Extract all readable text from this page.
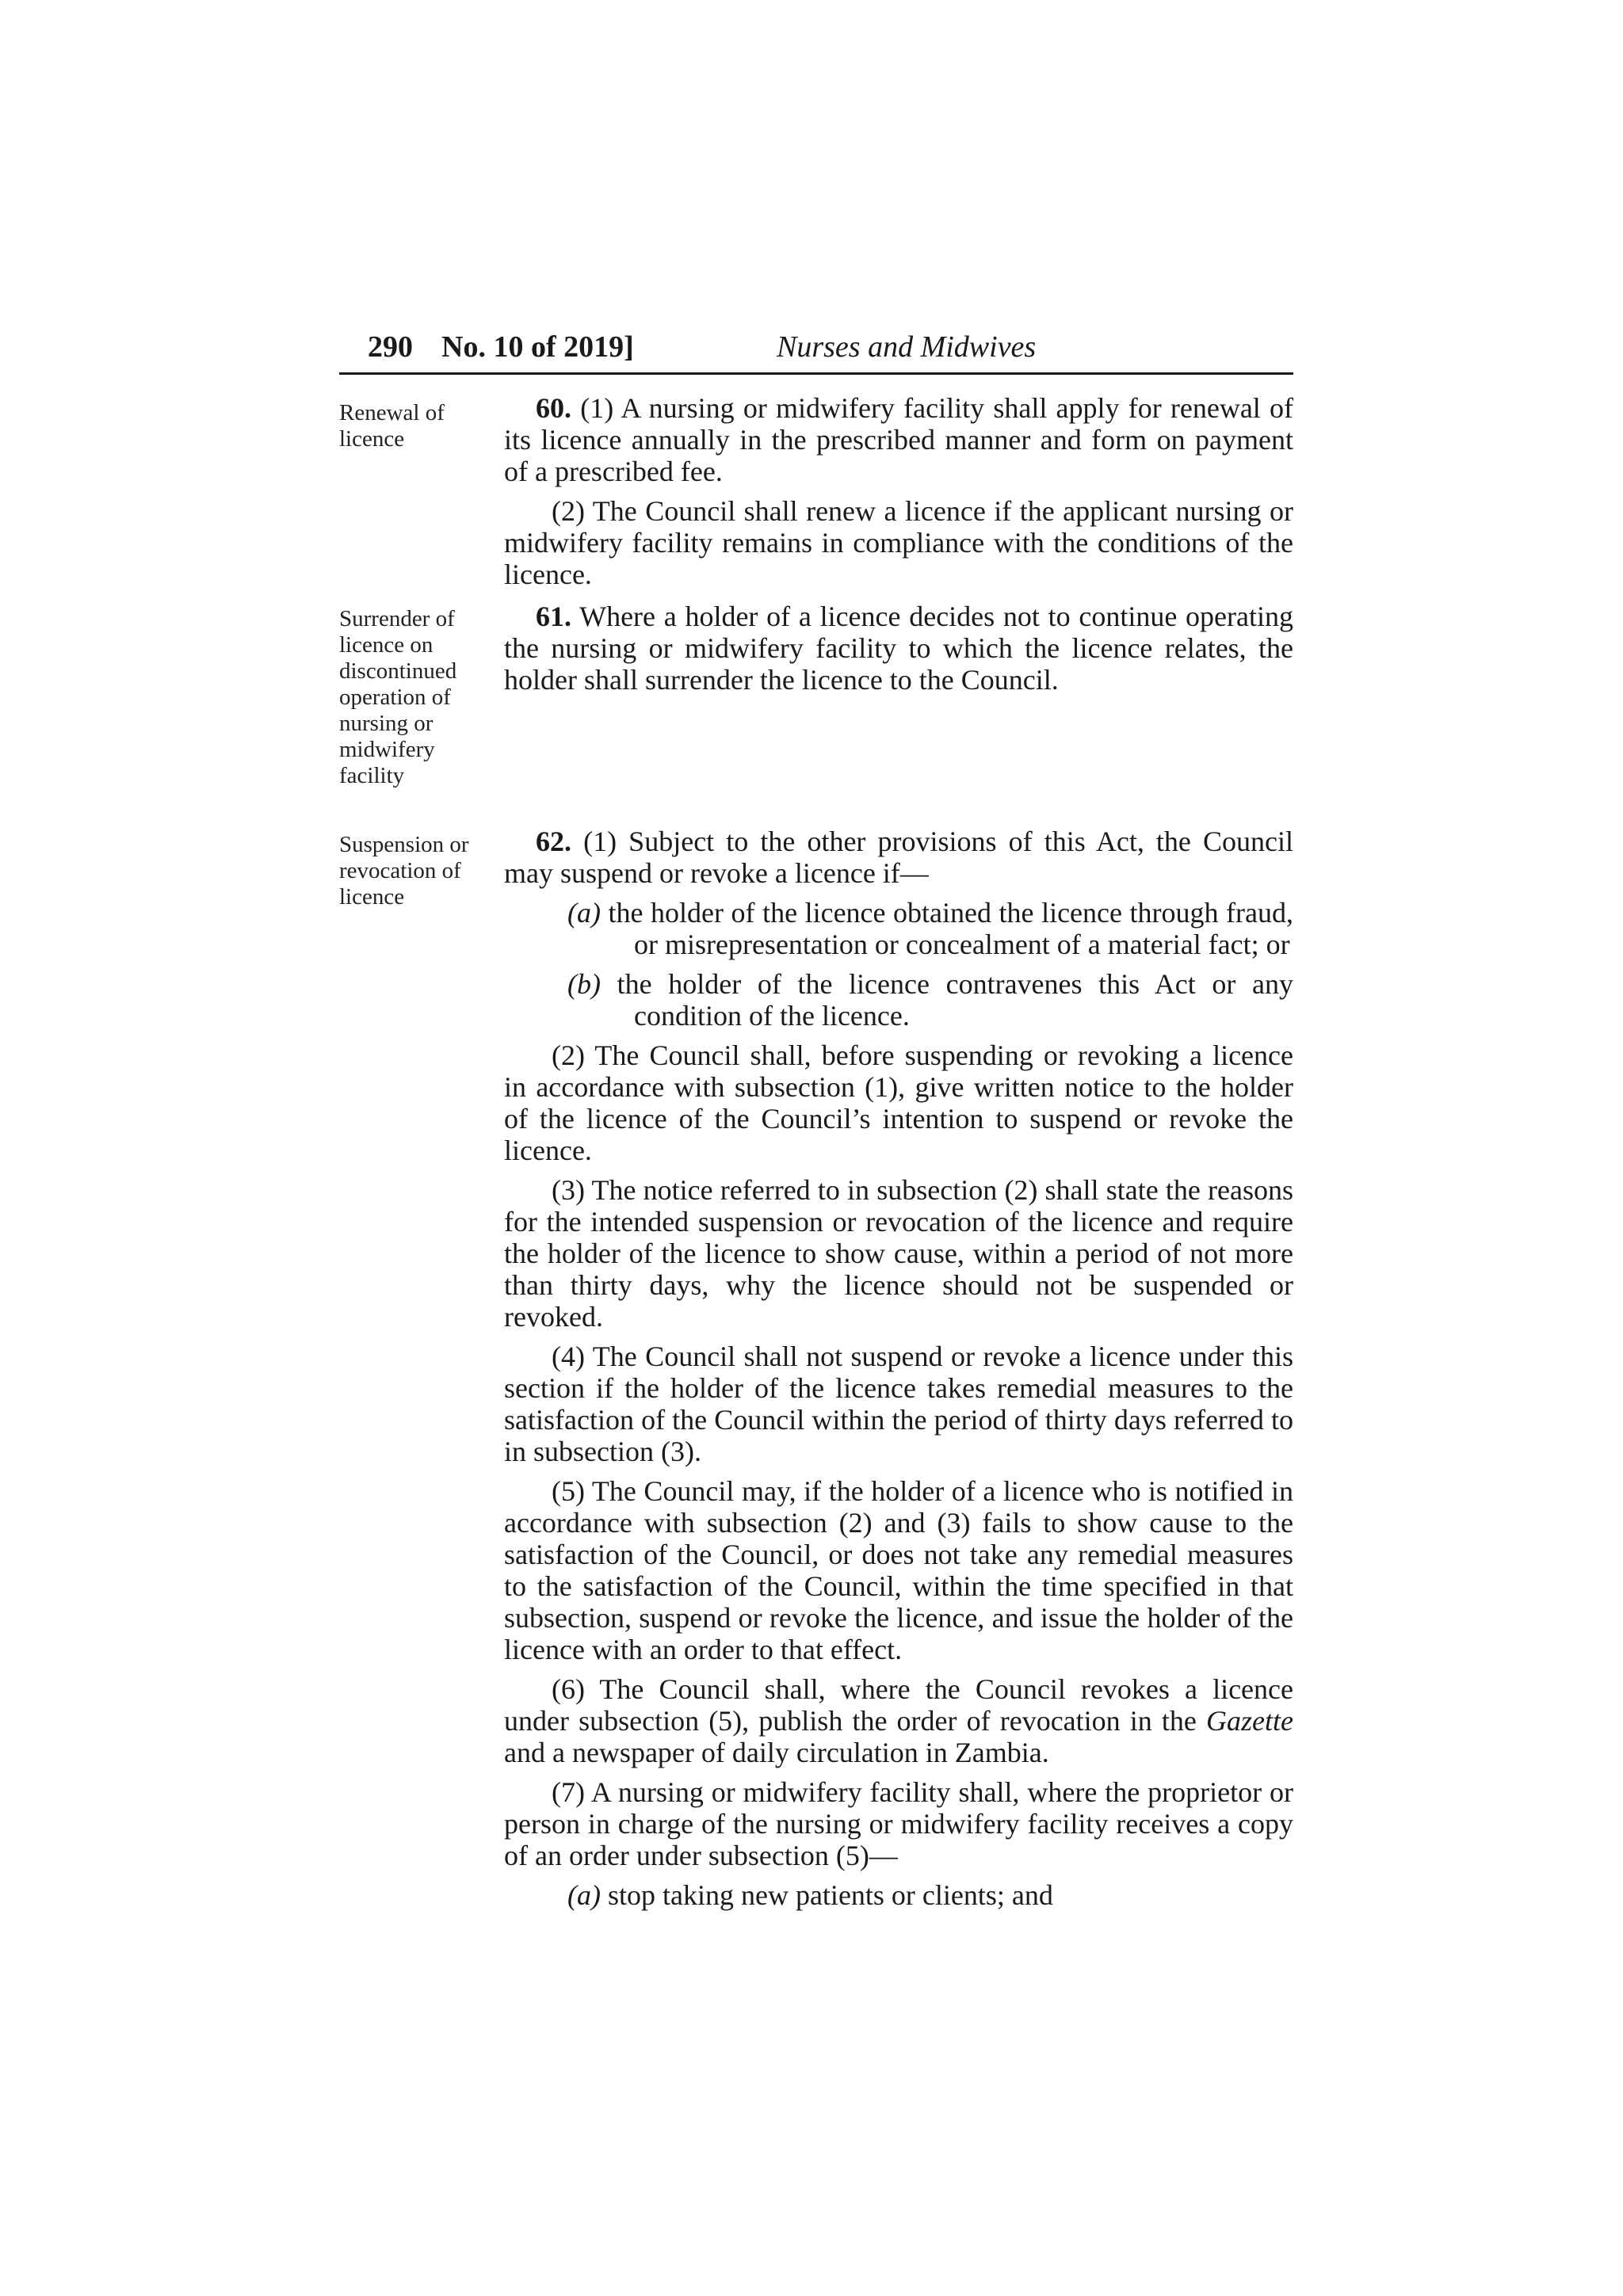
290 No. 10 of 2019]	Nurses and Midwives
Renewal of licence
Surrender of licence on discontinued operation of nursing or midwifery facility
Suspension or revocation of licence

60. (1) A nursing or midwifery facility shall apply for renewal of its licence annually in the prescribed manner and form on payment of a prescribed fee.

(2) The Council shall renew a licence if the applicant nursing or midwifery facility remains in compliance with the conditions of the licence.

61. Where a holder of a licence decides not to continue operating the nursing or midwifery facility to which the licence relates, the holder shall surrender the licence to the Council.

62. (1) Subject to the other provisions of this Act, the Council may suspend or revoke a licence if—

(a) the holder of the licence obtained the licence through fraud, or misrepresentation or concealment of a material fact; or

(b) the holder of the licence contravenes this Act or any condition of the licence.

(2) The Council shall, before suspending or revoking a licence in accordance with subsection (1), give written notice to the holder of the licence of the Council’s intention to suspend or revoke the licence.

(3) The notice referred to in subsection (2) shall state the reasons for the intended suspension or revocation of the licence and require the holder of the licence to show cause, within a period of not more than thirty days, why the licence should not be suspended or revoked.

(4) The Council shall not suspend or revoke a licence under this section if the holder of the licence takes remedial measures to the satisfaction of the Council within the period of thirty days referred to in subsection (3).

(5) The Council may, if the holder of a licence who is notified in accordance with subsection (2) and (3) fails to show cause to the satisfaction of the Council, or does not take any remedial measures to the satisfaction of the Council, within the time specified in that subsection, suspend or revoke the licence, and issue the holder of the licence with an order to that effect.

(6) The Council shall, where the Council revokes a licence under subsection (5), publish the order of revocation in the Gazette and a newspaper of daily circulation in Zambia.

(7) A nursing or midwifery facility shall, where the proprietor or person in charge of the nursing or midwifery facility receives a copy of an order under subsection (5)—

(a) stop taking new patients or clients; and
